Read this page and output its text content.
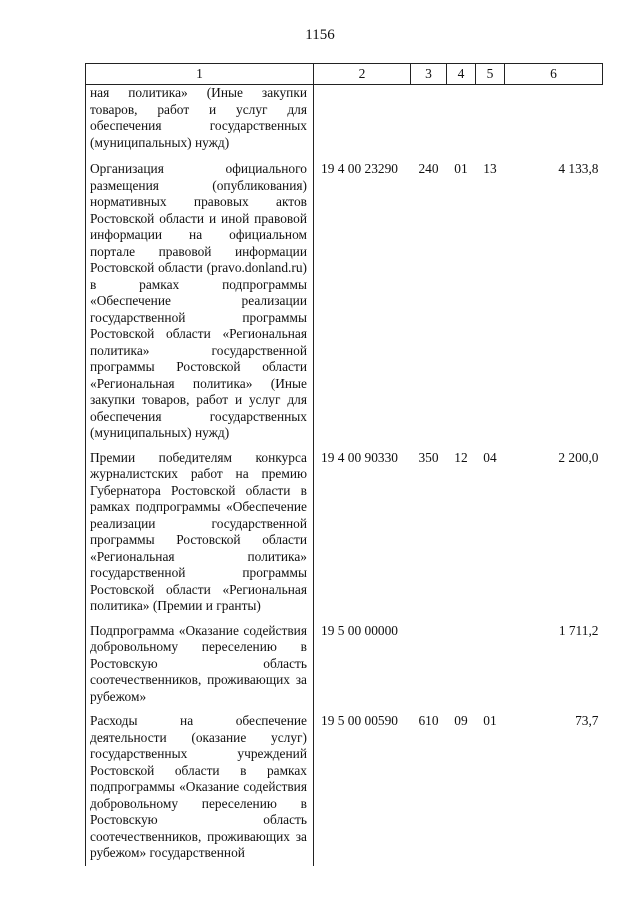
1156
1	2	3	4	5	6
ная политика» (Иные закупки товаров, работ и услуг для обеспечения государственных (муниципальных) нужд)					
Организация официального размещения (опубликования) нормативных правовых актов Ростовской области и иной правовой информации на официальном портале правовой информации Ростовской области (pravo.donland.ru) в рамках подпрограммы «Обеспечение реализации государственной программы Ростовской области «Региональная политика» государственной программы Ростовской области «Региональная политика» (Иные закупки товаров, работ и услуг для обеспечения государственных (муниципальных) нужд)	19 4 00 23290	240	01	13	4 133,8
Премии победителям конкурса журналистских работ на премию Губернатора Ростовской области в рамках подпрограммы «Обеспечение реализации государственной программы Ростовской области «Региональная политика» государственной программы Ростовской области «Региональная политика» (Премии и гранты)	19 4 00 90330	350	12	04	2 200,0
Подпрограмма «Оказание содействия добровольному переселению в Ростовскую область соотечественников, проживающих за рубежом»	19 5 00 00000				1 711,2
Расходы на обеспечение деятельности (оказание услуг) государственных учреждений Ростовской области в рамках подпрограммы «Оказание содействия добровольному переселению в Ростовскую область соотечественников, проживающих за рубежом» государственной	19 5 00 00590	610	09	01	73,7
